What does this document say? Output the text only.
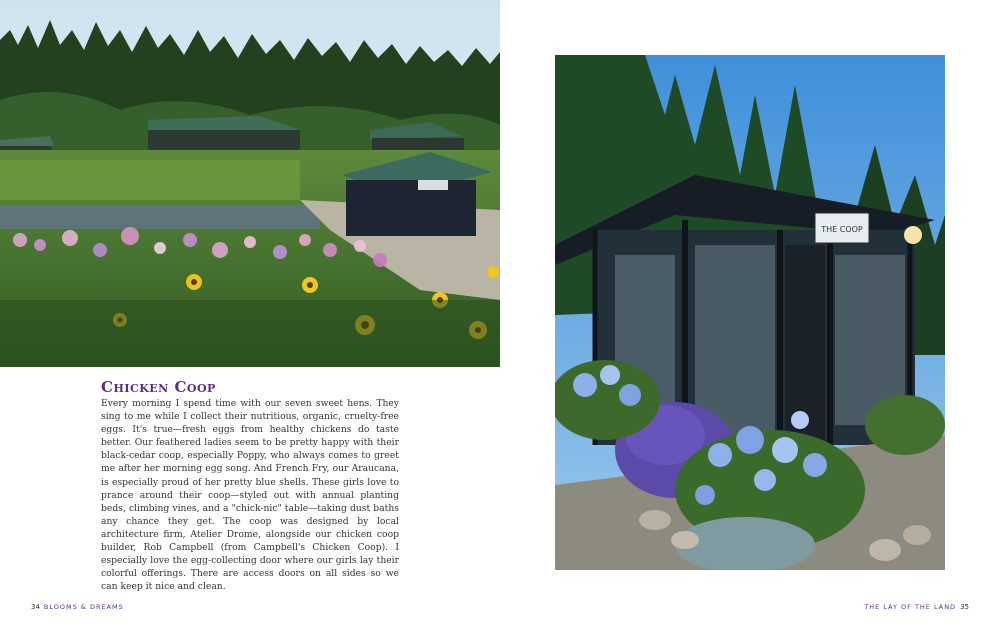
Chicken Coop

Every morning I spend time with our seven sweet hens. They sing to me while I collect their nutritious, organic, cruelty-free eggs. It's true—fresh eggs from healthy chickens do taste better. Our feathered ladies seem to be pretty happy with their black-cedar coop, especially Poppy, who always comes to greet me after her morning egg song. And French Fry, our Araucana, is especially proud of her pretty blue shells. These girls love to prance around their coop—styled out with annual planting beds, climbing vines, and a "chick-nic" table—taking dust baths any chance they get. The coop was designed by local architecture firm, Atelier Drome, alongside our chicken coop builder, Rob Campbell (from Campbell's Chicken Coop). I especially love the egg-collecting door where our girls lay their colorful offerings. There are access doors on all sides so we can keep it nice and clean.

34 BLOOMS & DREAMS
THE COOP
THE LAY OF THE LAND 35
